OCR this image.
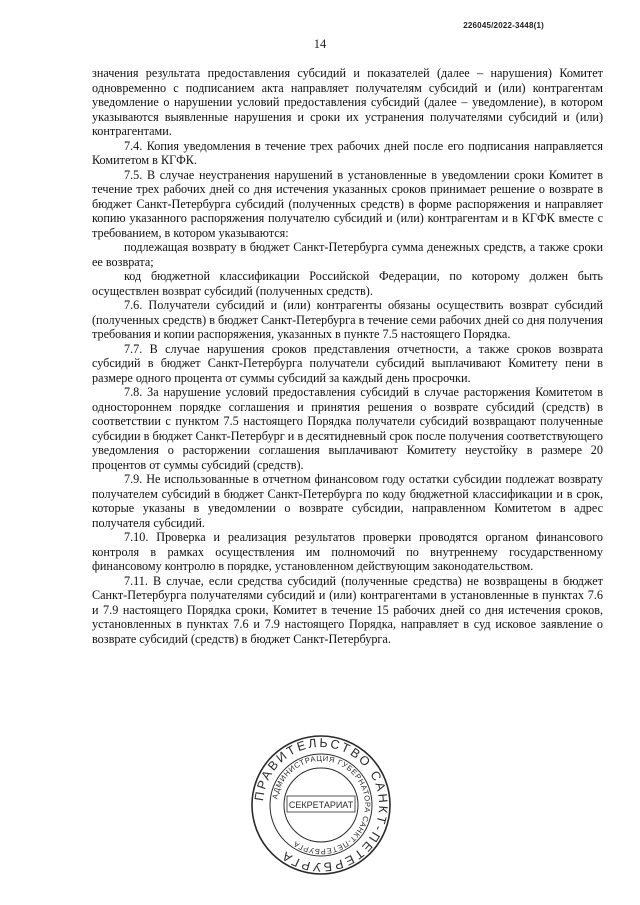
226045/2022-3448(1)
14

значения результата предоставления субсидий и показателей (далее – нарушения) Комитет одновременно с подписанием акта направляет получателям субсидий и (или) контрагентам уведомление о нарушении условий предоставления субсидий (далее – уведомление), в котором указываются выявленные нарушения и сроки их устранения получателями субсидий и (или) контрагентами.

7.4. Копия уведомления в течение трех рабочих дней после его подписания направляется Комитетом в КГФК.

7.5. В случае неустранения нарушений в установленные в уведомлении сроки Комитет в течение трех рабочих дней со дня истечения указанных сроков принимает решение о возврате в бюджет Санкт-Петербурга субсидий (полученных средств) в форме распоряжения и направляет копию указанного распоряжения получателю субсидий и (или) контрагентам и в КГФК вместе с требованием, в котором указываются:

подлежащая возврату в бюджет Санкт-Петербурга сумма денежных средств, а также сроки ее возврата;

код бюджетной классификации Российской Федерации, по которому должен быть осуществлен возврат субсидий (полученных средств).

7.6. Получатели субсидий и (или) контрагенты обязаны осуществить возврат субсидий (полученных средств) в бюджет Санкт-Петербурга в течение семи рабочих дней со дня получения требования и копии распоряжения, указанных в пункте 7.5 настоящего Порядка.

7.7. В случае нарушения сроков представления отчетности, а также сроков возврата субсидий в бюджет Санкт-Петербурга получатели субсидий выплачивают Комитету пени в размере одного процента от суммы субсидий за каждый день просрочки.

7.8. За нарушение условий предоставления субсидий в случае расторжения Комитетом в одностороннем порядке соглашения и принятия решения о возврате субсидий (средств) в соответствии с пунктом 7.5 настоящего Порядка получатели субсидий возвращают полученные субсидии в бюджет Санкт-Петербург и в десятидневный срок после получения соответствующего уведомления о расторжении соглашения выплачивают Комитету неустойку в размере 20 процентов от суммы субсидий (средств).

7.9. Не использованные в отчетном финансовом году остатки субсидии подлежат возврату получателем субсидий в бюджет Санкт-Петербурга по коду бюджетной классификации и в срок, которые указаны в уведомлении о возврате субсидии, направленном Комитетом в адрес получателя субсидий.

7.10. Проверка и реализация результатов проверки проводятся органом финансового контроля в рамках осуществления им полномочий по внутреннему государственному финансовому контролю в порядке, установленном действующим законодательством.

7.11. В случае, если средства субсидий (полученные средства) не возвращены в бюджет Санкт-Петербурга получателями субсидий и (или) контрагентами в установленные в пунктах 7.6 и 7.9 настоящего Порядка сроки, Комитет в течение 15 рабочих дней со дня истечения сроков, установленных в пунктах 7.6 и 7.9 настоящего Порядка, направляет в суд исковое заявление о возврате субсидий (средств) в бюджет Санкт-Петербурга.

ПРАВИТЕЛЬСТВО САНКТ-ПЕТЕРБУРГА
АДМИНИСТРАЦИЯ ГУБЕРНАТОРА САНКТ-ПЕТЕРБУРГА
СЕКРЕТАРИАТ
